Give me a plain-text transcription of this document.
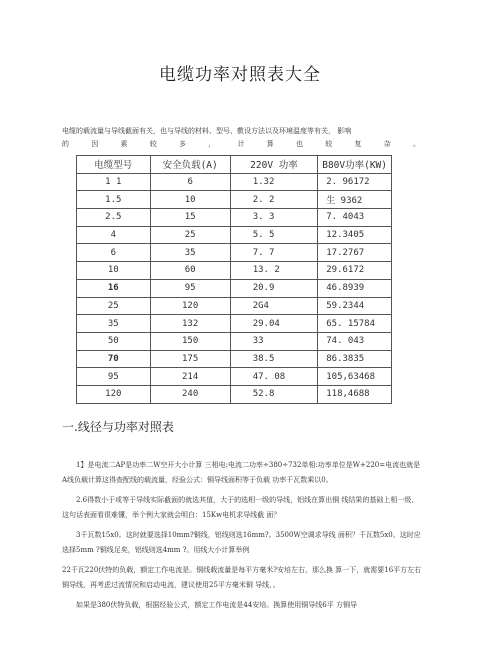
电缆功率对照表大全
电缆的载流量与导线截面有关，也与导线的材料、型号、敷设方法以及环境温度等有关， 影响
的	因	素	较	多	，	计	算	也	较	复	杂	。
电缆型号	安全负载(A)	220V 功率	B80V功率(KW)
1 1	6	1.32	2. 96172
1.5	10	2. 2	生 9362
2.5	15	3. 3	7. 4043
4	25	5. 5	12.3405
6	35	7. 7	17.2767
10	60	13. 2	29.6172
16	95	20.9	46.8939
25	120	2G4	59.2344
35	132	29.04	65. 15784
50	150	33	74. 043
70	175	38.5	86.3835
95	214	47. 08	105,63468
120	240	52.8	118,4688
一.线径与功率对照表

1】是电流二AP是功率二W空开大小计算 三相电:电流二功率÷380÷732单相:功率单位是W+220=电流也就是A线负载计算这得查配线的载流量，经验公式：铜导线面积等于负载 功率千瓦数乘以0。

2.6得数小于或等于导线实际截面的就选其值，大于的选相一级的导线，铝线在算出铜 线结果的基础上相一级．这句话表面看很难懂，举个例大家就会明白：15Kw电机求导线截 面？

3千瓦数15x0。这时就要选择10mm?铜线，铝线则选16mm?。3500W空调求导线 面积？千瓦数5x0。这时应选择5mm ?铜线足矣，铝线则选4mm ?。用线大小计算举例

22千瓦220伏特的负载，额定工作电流是。铜线载流量是每平方毫米?安培左右，那么换 算一下，就需要16平方左右铜导线，再考虑过流情况和启动电流，建议使用25平方毫米铜 导线，。

如果是380伏特负载，根据经验公式，额定工作电流是44安培。换算使用铜导线6平 方铜导
